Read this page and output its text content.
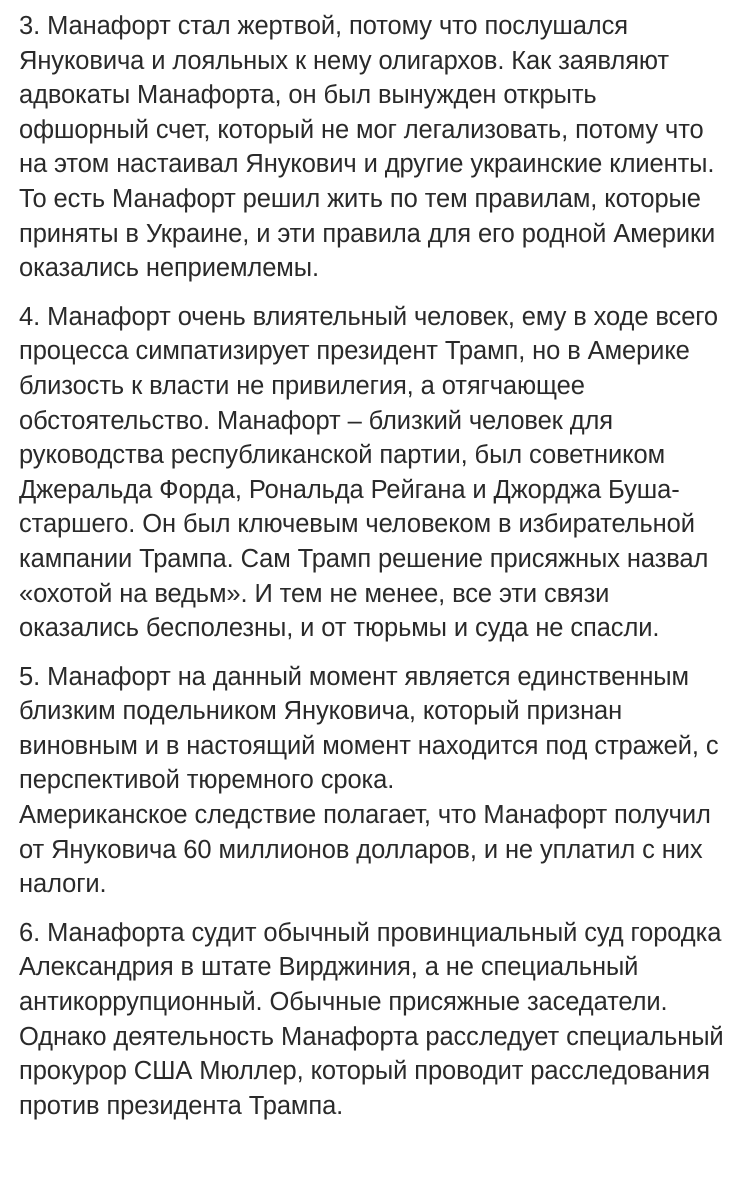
3. Манафорт стал жертвой, потому что послушался Януковича и лояльных к нему олигархов. Как заявляют адвокаты Манафорта, он был вынужден открыть офшорный счет, который не мог легализовать, потому что на этом настаивал Янукович и другие украинские клиенты. То есть Манафорт решил жить по тем правилам, которые приняты в Украине, и эти правила для его родной Америки оказались неприемлемы.

4. Манафорт очень влиятельный человек, ему в ходе всего процесса симпатизирует президент Трамп, но в Америке близость к власти не привилегия, а отягчающее обстоятельство. Манафорт – близкий человек для руководства республиканской партии, был советником Джеральда Форда, Рональда Рейгана и Джорджа Буша-старшего. Он был ключевым человеком в избирательной кампании Трампа. Сам Трамп решение присяжных назвал «охотой на ведьм». И тем не менее, все эти связи оказались бесполезны, и от тюрьмы и суда не спасли.

5. Манафорт на данный момент является единственным близким подельником Януковича, который признан виновным и в настоящий момент находится под стражей, с перспективой тюремного срока.

Американское следствие полагает, что Манафорт получил от Януковича 60 миллионов долларов, и не уплатил с них налоги.

6. Манафорта судит обычный провинциальный суд городка Александрия в штате Вирджиния, а не специальный антикоррупционный. Обычные присяжные заседатели. Однако деятельность Манафорта расследует специальный прокурор США Мюллер, который проводит расследования против президента Трампа.
